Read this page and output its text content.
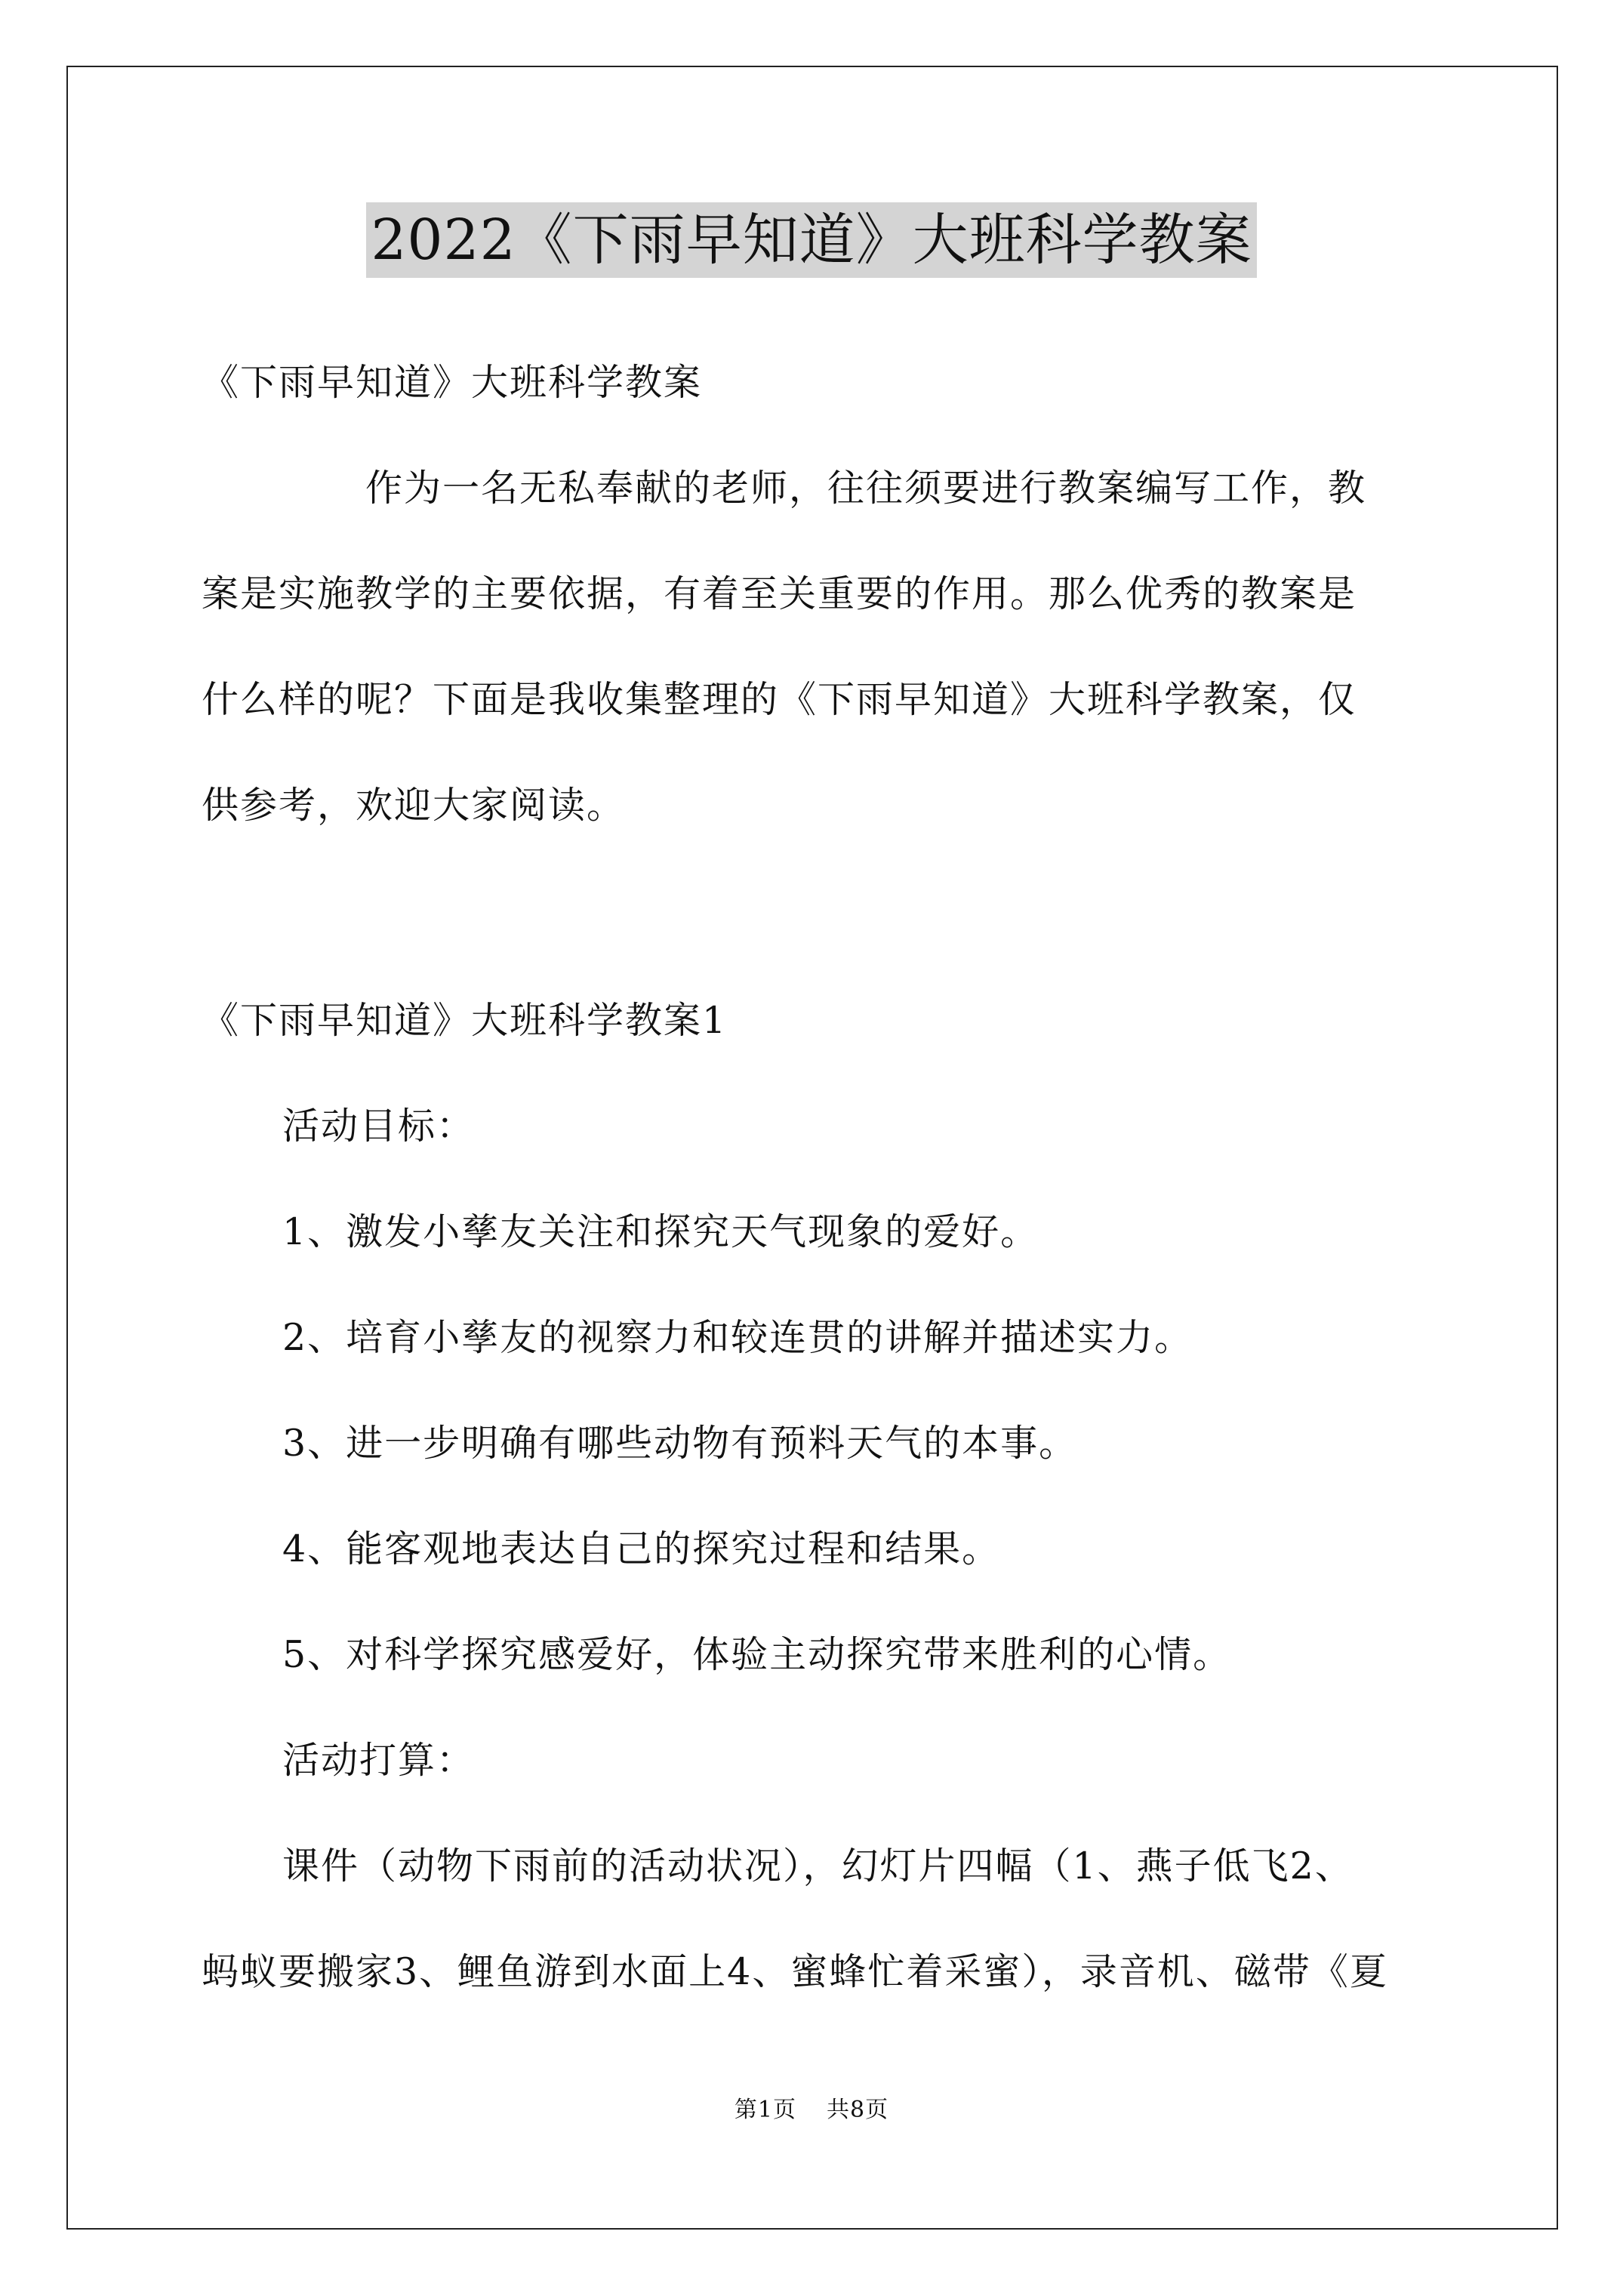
2022《下雨早知道》大班科学教案
《下雨早知道》大班科学教案
作为一名无私奉献的老师，往往须要进行教案编写工作，教
案是实施教学的主要依据，有着至关重要的作用。那么优秀的教案是
什么样的呢？下面是我收集整理的《下雨早知道》大班科学教案，仅
供参考，欢迎大家阅读。
《下雨早知道》大班科学教案1
活动目标：
1、激发小孳友关注和探究天气现象的爱好。
2、培育小孳友的视察力和较连贯的讲解并描述实力。
3、进一步明确有哪些动物有预料天气的本事。
4、能客观地表达自己的探究过程和结果。
5、对科学探究感爱好，体验主动探究带来胜利的心情。
活动打算：
课件（动物下雨前的活动状况），幻灯片四幅（1、燕子低飞2、
蚂蚁要搬家3、鲤鱼游到水面上4、蜜蜂忙着采蜜），录音机、磁带《夏
第1页 共8页
